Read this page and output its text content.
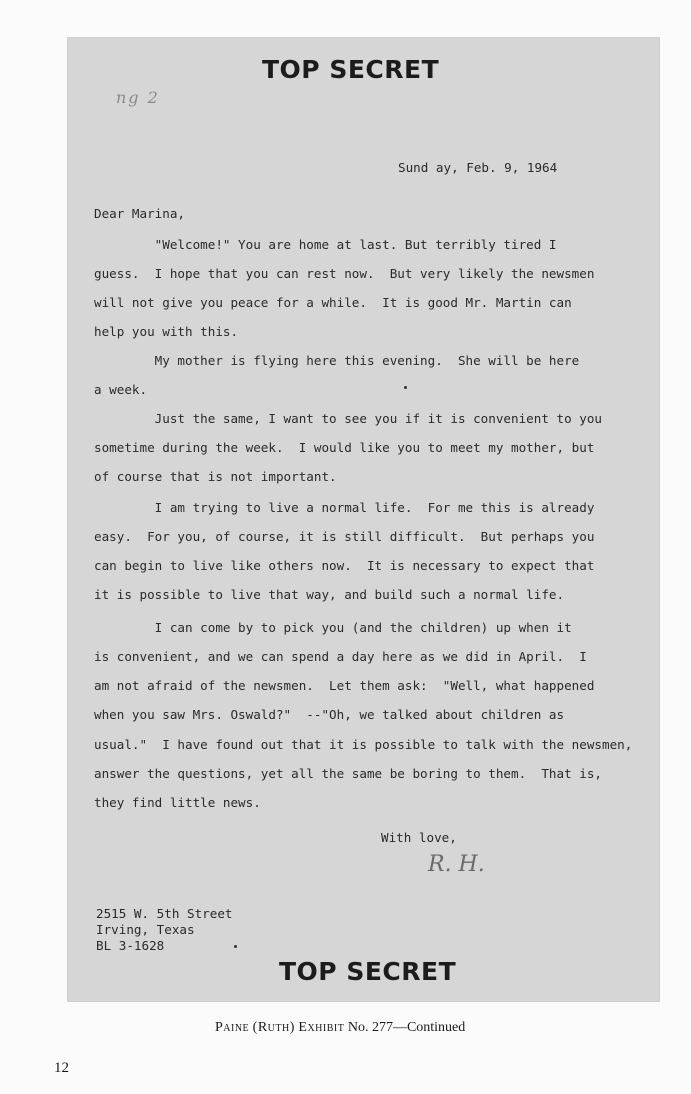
TOP SECRET
ng 2
Sund ay, Feb. 9, 1964
Dear Marina,
"Welcome!" You are home at last. But terribly tired I
guess.  I hope that you can rest now.  But very likely the newsmen
will not give you peace for a while.  It is good Mr. Martin can
help you with this.
My mother is flying here this evening.  She will be here
a week.
Just the same, I want to see you if it is convenient to you
sometime during the week.  I would like you to meet my mother, but
of course that is not important.
I am trying to live a normal life.  For me this is already
easy.  For you, of course, it is still difficult.  But perhaps you
can begin to live like others now.  It is necessary to expect that
it is possible to live that way, and build such a normal life.
I can come by to pick you (and the children) up when it
is convenient, and we can spend a day here as we did in April.  I
am not afraid of the newsmen.  Let them ask:  "Well, what happened
when you saw Mrs. Oswald?"  --"Oh, we talked about children as
usual."  I have found out that it is possible to talk with the newsmen,
answer the questions, yet all the same be boring to them.  That is,
they find little news.
With love,
R. H.
2515 W. 5th Street
Irving, Texas
BL 3-1628
TOP SECRET
Paine (Ruth) Exhibit No. 277—Continued
12
